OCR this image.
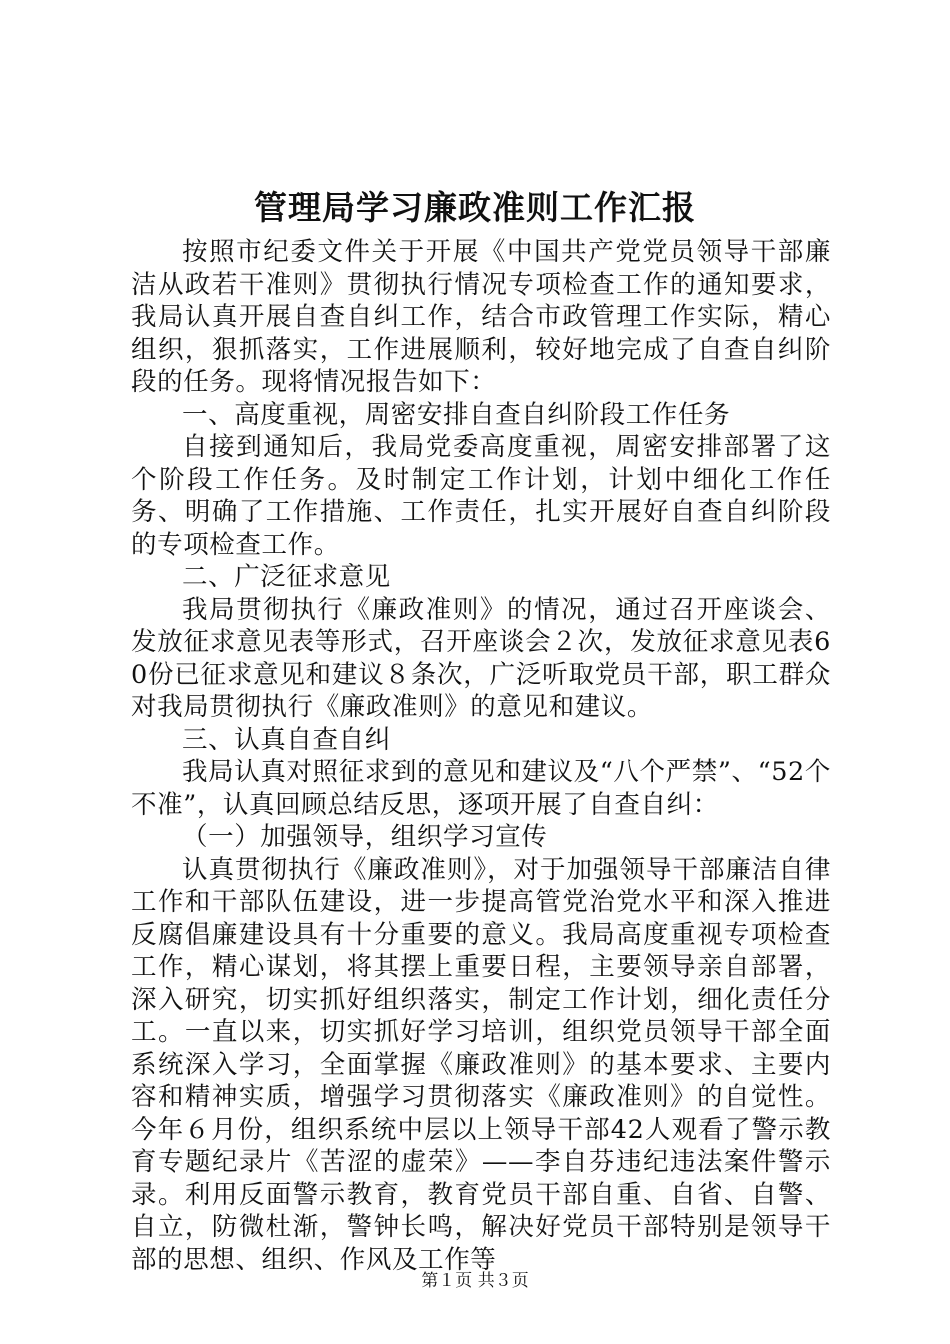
管理局学习廉政准则工作汇报

按照市纪委文件关于开展《中国共产党党员领导干部廉洁从政若干准则》贯彻执行情况专项检查工作的通知要求，我局认真开展自查自纠工作，结合市政管理工作实际，精心组织，狠抓落实，工作进展顺利，较好地完成了自查自纠阶段的任务。现将情况报告如下：

一、高度重视，周密安排自查自纠阶段工作任务

自接到通知后，我局党委高度重视，周密安排部署了这个阶段工作任务。及时制定工作计划，计划中细化工作任务、明确了工作措施、工作责任，扎实开展好自查自纠阶段的专项检查工作。

二、广泛征求意见

我局贯彻执行《廉政准则》的情况，通过召开座谈会、发放征求意见表等形式，召开座谈会２次，发放征求意见表60份已征求意见和建议８条次，广泛听取党员干部，职工群众对我局贯彻执行《廉政准则》的意见和建议。

三、认真自查自纠

我局认真对照征求到的意见和建议及“八个严禁”、“52个不准”，认真回顾总结反思，逐项开展了自查自纠：

（一）加强领导，组织学习宣传

认真贯彻执行《廉政准则》，对于加强领导干部廉洁自律工作和干部队伍建设，进一步提高管党治党水平和深入推进反腐倡廉建设具有十分重要的意义。我局高度重视专项检查工作，精心谋划，将其摆上重要日程，主要领导亲自部署，深入研究，切实抓好组织落实，制定工作计划，细化责任分工。一直以来，切实抓好学习培训，组织党员领导干部全面系统深入学习，全面掌握《廉政准则》的基本要求、主要内容和精神实质，增强学习贯彻落实《廉政准则》的自觉性。今年６月份，组织系统中层以上领导干部42人观看了警示教育专题纪录片《苦涩的虚荣》——李自芬违纪违法案件警示录。利用反面警示教育，教育党员干部自重、自省、自警、自立，防微杜渐，警钟长鸣，解决好党员干部特别是领导干部的思想、组织、作风及工作等

第１页 共３页
